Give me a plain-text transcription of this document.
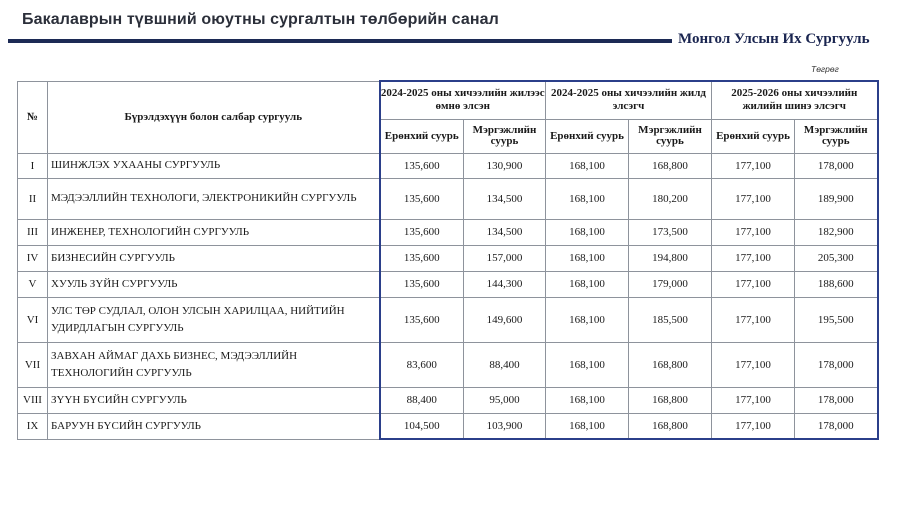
Бакалаврын түвшний оюутны сургалтын төлбөрийн санал
Монгол Улсын Их Сургууль
Төгрөг
№	Бүрэлдэхүүн болон салбар сургууль	2024-2025 оны хичээлийн жилээс өмнө элсэн		2024-2025 оны хичээлийн жилд элсэгч		2025-2026 оны хичээлийн жилийн шинэ элсэгч	
		Ерөнхий суурь	Мэргэжлийн суурь	Ерөнхий суурь	Мэргэжлийн суурь	Ерөнхий суурь	Мэргэжлийн суурь
I	ШИНЖЛЭХ УХААНЫ СУРГУУЛЬ	135,600	130,900	168,100	168,800	177,100	178,000
II	МЭДЭЭЛЛИЙН ТЕХНОЛОГИ, ЭЛЕКТРОНИКИЙН СУРГУУЛЬ	135,600	134,500	168,100	180,200	177,100	189,900
III	ИНЖЕНЕР, ТЕХНОЛОГИЙН СУРГУУЛЬ	135,600	134,500	168,100	173,500	177,100	182,900
IV	БИЗНЕСИЙН СУРГУУЛЬ	135,600	157,000	168,100	194,800	177,100	205,300
V	ХУУЛЬ ЗҮЙН СУРГУУЛЬ	135,600	144,300	168,100	179,000	177,100	188,600
VI	УЛС ТӨР СУДЛАЛ, ОЛОН УЛСЫН ХАРИЛЦАА, НИЙТИЙН УДИРДЛАГЫН СУРГУУЛЬ	135,600	149,600	168,100	185,500	177,100	195,500
VII	ЗАВХАН АЙМАГ ДАХЬ БИЗНЕС, МЭДЭЭЛЛИЙН ТЕХНОЛОГИЙН СУРГУУЛЬ	83,600	88,400	168,100	168,800	177,100	178,000
VIII	ЗҮҮН БҮСИЙН СУРГУУЛЬ	88,400	95,000	168,100	168,800	177,100	178,000
IX	БАРУУН БҮСИЙН СУРГУУЛЬ	104,500	103,900	168,100	168,800	177,100	178,000
